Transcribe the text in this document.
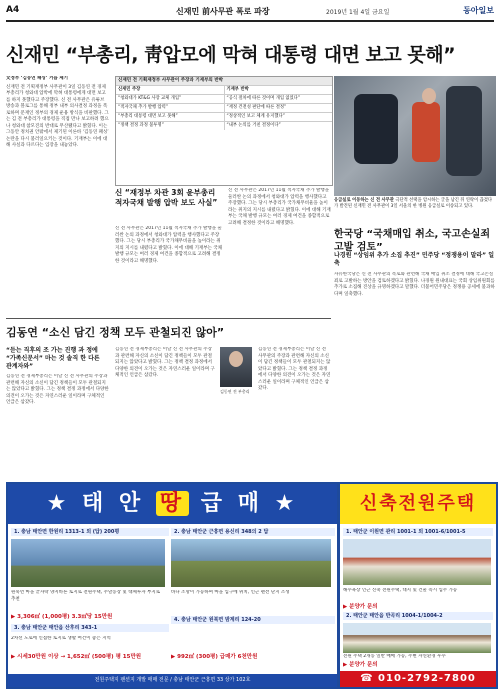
A4	신재민 前사무관 폭로 파장	2019년 1월 4일 금요일	동아일보
신재민 “부총리, 靑압모에 막혀 대통령 대면 보고 못해”
文정부 ‘김동연 패싱’ 거듭 제기
신재민 전 기획재정부 사무관이 3일 김동연 전 경제부총리가 청와대 압박에 막혀 대통령에게 대면 보고를 하지 못했다고 주장했다. 신 전 사무관은 유튜브 방송과 블로그를 통해 정부 내부 의사결정 과정을 폭로하며 문재인 정부의 경제 운용 방식을 비판했다. 그는 김 전 부총리가 대통령을 직접 만나 보고하려 했으나 청와대 참모진의 반대로 무산됐다고 밝혔다. 이는 그동안 정치권 안팎에서 제기된 이른바 ‘김동연 패싱’ 논란을 다시 불러일으키는 것이다. 기재부는 이에 대해 사실과 다르다는 입장을 내놓았다.
신재민 전 기획재정부 사무관이 주장과 기재부의 반박
신재민 주장	기재부 반박
“청와대가 KT&G 사장 교체 개입”	“공식 절차에 따른 것이며 개입 없었다”
“적자국채 추가 발행 압력”	“재정 건전성 판단에 따른 결정”
“부총리 대통령 대면 보고 못해”	“정상적인 보고 체계 유지했다”
“정책 결정 과정 불투명”	“내부 논의를 거친 결정이다”
신 “재정부 차관 3회 윤부총리 적자국채 발행 압박 보도 사실”
신 전 사무관은 2017년 11월 적자국채 추가 발행을 둘러싼 논의 과정에서 청와대가 압력을 행사했다고 주장했다. 그는 당시 부총리가 국가채무비율을 높이라는 취지의 지시를 내렸다고 밝혔다. 이에 대해 기재부는 국채 발행 규모는 여러 경제 여건을 종합적으로 고려해 결정한 것이라고 해명했다.
신 전 사무관은 2017년 11월 적자국채 추가 발행을 둘러싼 논의 과정에서 청와대가 압력을 행사했다고 주장했다. 그는 당시 부총리가 국가채무비율을 높이라는 취지의 지시를 내렸다고 밝혔다. 이에 대해 기재부는 국채 발행 규모는 여러 경제 여건을 종합적으로 고려해 결정한 것이라고 해명했다.
응급실로 이동하는 신 전 사무관 극단적 선택을 암시하는 글을 남긴 뒤 연락이 끊겼다가 발견된 신재민 전 사무관이 3일 서울의 한 병원 응급실로 이송되고 있다.
한국당 “국채매입 취소, 국고손실죄 고발 검토”
나경원 “상임위 추가 소집 추진” 민주당 “정쟁용이 말라” 일축
자유한국당은 신 전 사무관의 폭로와 관련해 국채 매입 취소 결정에 대해 국고손실죄로 고발하는 방안을 검토하겠다고 밝혔다. 나경원 원내대표는 국회 상임위원회를 추가로 소집해 진상을 규명하겠다고 말했다. 더불어민주당은 정쟁용 공세에 불과하다며 일축했다.
김동연 “소신 담긴 정책 모두 관철되진 않아”
“듣는 직후의 조 가는 진행 과 정에 “가족신문서” 마는 것 솔직 한 다른 관계자와”
김동연 전 경제부총리는 이날 신 전 사무관의 주장과 관련해 자신의 소신이 담긴 정책들이 모두 관철되지는 않았다고 밝혔다. 그는 정책 결정 과정에서 다양한 의견이 오가는 것은 자연스러운 일이라며 구체적인 언급은 삼갔다.
김동연 전 경제부총리는 이날 신 전 사무관의 주장과 관련해 자신의 소신이 담긴 정책들이 모두 관철되지는 않았다고 밝혔다. 그는 정책 결정 과정에서 다양한 의견이 오가는 것은 자연스러운 일이라며 구체적인 언급은 삼갔다.
김동연 전 부총리
김동연 전 경제부총리는 이날 신 전 사무관의 주장과 관련해 자신의 소신이 담긴 정책들이 모두 관철되지는 않았다고 밝혔다. 그는 정책 결정 과정에서 다양한 의견이 오가는 것은 자연스러운 일이라며 구체적인 언급은 삼갔다.
★ 태 안 땅 급 매 ★
1. 충남 태안면 한원리 1313-1 외 (답) 200평	2. 충남 태안군 근흥면 용신리 348의 2 답
원북면 마을 끝자락 양지바른 토지로 전원주택, 주말농장 및 대체투자 부지로 추천
▶ 3,306㎡ (1,000평) 3.3㎡당 15만원
3. 충남 태안군 태안읍 산후리 343-1
2차선 도로에 인접한 토지로 생활 여건이 좋은 지역
▶ 시세30만원 이상 → 1,652㎡ (500평) 평 15만원
바다 조망이 가능하며 마을 입구에 위치, 인근 펜션 단지 조성
4. 충남 태안군 원북면 밤계리 124-20
▶ 992㎡ (300평) 급매가 6천만원
전원주택지 팬션지 개발 매매 전문 / 충남 태안군 근흥면 33 상가 102호
신축전원주택
1. 태안군 이원면 관리 1001-1 외 1001-6/1001-5
해수욕장 인근 신축 전원주택, 대지 및 건물 즉시 입주 가능
▶ 분양가 문의
2. 태안군 태안읍 반곡리 1004-1/1004-2
전원 주택 2개동 일반 매매 가능, 주변 자연환경 우수
▶ 분양가 문의
☎ 010-2792-7800
